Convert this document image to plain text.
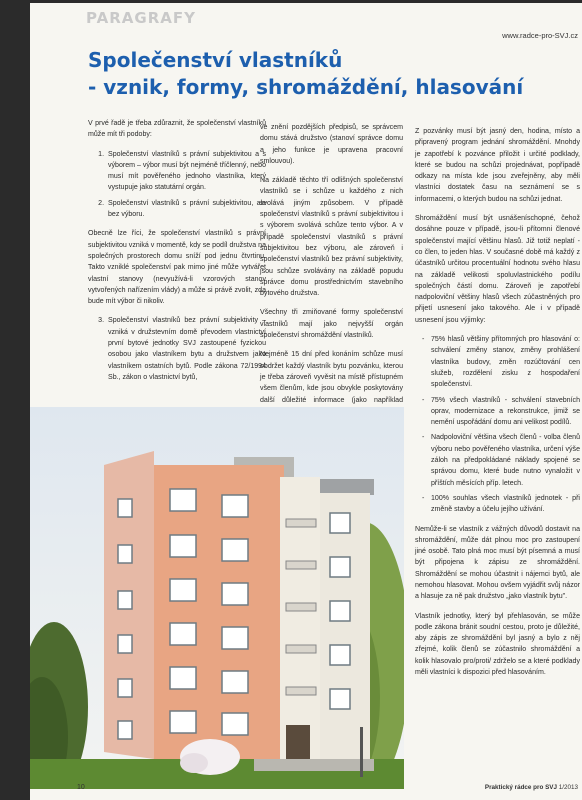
PARAGRAFY
www.radce-pro-SVJ.cz
Společenství vlastníků
- vznik, formy, shromáždění, hlasování

V prvé řadě je třeba zdůraznit, že společenství vlastníků může mít tři podoby:

1. Společenství vlastníků s právní subjektivitou a s výborem – výbor musí být nejméně tříčlenný, nebo musí mít pověřeného jednoho vlastníka, který vystupuje jako statutární orgán.
2. Společenství vlastníků s právní subjektivitou, ale bez výboru.

Obecně lze říci, že společenství vlastníků s právní subjektivitou vzniká v momentě, kdy se podíl družstva na společných prostorech domu sníží pod jednu čtvrtinu. Takto vzniklé společenství pak mimo jiné může vytvářet vlastní stanovy (nevyužívá-li vzorových stanov vytvořených nařízením vlády) a může si právě zvolit, zda bude mít výbor či nikoliv.

3. Společenství vlastníků bez právní subjektivity – vzniká v družstevním domě převodem vlastnictví první bytové jednotky SVJ zastoupené fyzickou osobou jako vlastníkem bytu a družstvem jako vlastníkem ostatních bytů. Podle zákona 72/1994 Sb., zákon o vlastnictví bytů,

ve znění pozdějších předpisů, se správcem domu stává družstvo (stanoví správce domu a jeho funkce je upravena pracovní smlouvou).

Na základě těchto tří odlišných společenství vlastníků se i schůze u každého z nich svolává jiným způsobem. V případě společenství vlastníků s právní subjektivitou i s výborem svolává schůze tento výbor. A v případě společenství vlastníků s právní subjektivitou bez výboru, ale zároveň i společenství vlastníků bez právní subjektivity, jsou schůze svolávány na základě popudu správce domu prostřednictvím stavebního bytového družstva.

Všechny tři zmiňované formy společenství vlastníků mají jako nejvyšší orgán společenství shromáždění vlastníků.

Nejméně 15 dní před konáním schůze musí obdržet každý vlastník bytu pozvánku, kterou je třeba zároveň vyvěsit na místě přístupném všem členům, kde jsou obvykle poskytovány další důležité informace (jako například

Z pozvánky musí být jasný den, hodina, místo a připravený program jednání shromáždění. Mnohdy je zapotřebí k pozvánce přiložit i určité podklady, které se budou na schůzi projednávat, popřípadě odkazy na místa kde jsou zveřejněny, aby měli vlastníci dostatek času na seznámení se s informacemi, o kterých budou na schůzi jednat.

Shromáždění musí být usnášeníschopné, čehož dosáhne pouze v případě, jsou-li přítomni členové společenství mající většinu hlasů. Již totiž neplatí - co člen, to jeden hlas. V současné době má každý z účastníků určitou procentuální hodnotu svého hlasu na základě velikosti spoluvlastnického podílu společných částí domu. Zároveň je zapotřebí nadpoloviční většiny hlasů všech zúčastněných pro přijetí usnesení jako takového. Ale i v případě usnesení jsou výjimky:

- 75% hlasů většiny přítomných pro hlasování o: schválení změny stanov, změny prohlášení vlastníka budovy, změn rozúčtování cen služeb, rozdělení zisku z hospodaření společenství.
- 75% všech vlastníků - schválení stavebních oprav, modernizace a rekonstrukce, jimiž se nemění uspořádání domu ani velikost podílů.
- Nadpoloviční většina všech členů - volba členů výboru nebo pověřeného vlastníka, určení výše záloh na předpokládané náklady spojené se správou domu, které bude nutno vynaložit v příštích měsících příp. letech.
- 100% souhlas všech vlastníků jednotek - při změně stavby a účelu jejího užívání.

Nemůže-li se vlastník z vážných důvodů dostavit na shromáždění, může dát plnou moc pro zastoupení jiné osobě. Tato plná moc musí být písemná a musí být připojena k zápisu ze shromáždění. Shromáždění se mohou účastnit i nájemci bytů, ale nemohou hlasovat. Mohou ovšem vyjádřit svůj názor a hlasuje za ně pak družstvo „jako vlastník bytu".

Vlastník jednotky, který byl přehlasován, se může podle zákona bránit soudní cestou, proto je důležité, aby zápis ze shromáždění byl jasný a bylo z něj zřejmé, kolik členů se zúčastnilo shromáždění a kolik hlasovalo pro/proti/ zdrželo se a které podklady měli vlastníci k dispozici před hlasováním.

10	Praktický rádce pro SVJ 1/2013
